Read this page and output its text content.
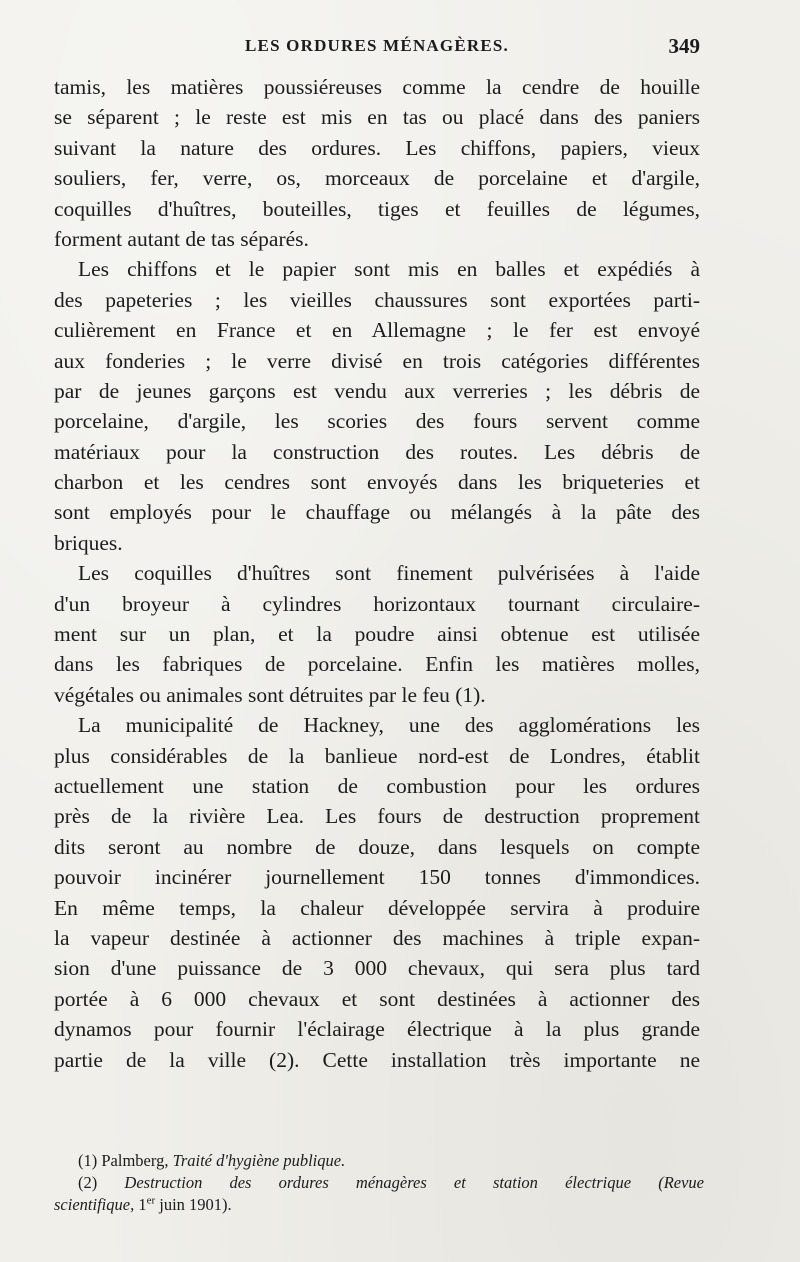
LES ORDURES MÉNAGÈRES.	349
tamis, les matières poussiéreuses comme la cendre de houille
se séparent ; le reste est mis en tas ou placé dans des paniers
suivant la nature des ordures. Les chiffons, papiers, vieux
souliers, fer, verre, os, morceaux de porcelaine et d'argile,
coquilles d'huîtres, bouteilles, tiges et feuilles de légumes,
forment autant de tas séparés.
Les chiffons et le papier sont mis en balles et expédiés à
des papeteries ; les vieilles chaussures sont exportées parti-
culièrement en France et en Allemagne ; le fer est envoyé
aux fonderies ; le verre divisé en trois catégories différentes
par de jeunes garçons est vendu aux verreries ; les débris de
porcelaine, d'argile, les scories des fours servent comme
matériaux pour la construction des routes. Les débris de
charbon et les cendres sont envoyés dans les briqueteries et
sont employés pour le chauffage ou mélangés à la pâte des
briques.
Les coquilles d'huîtres sont finement pulvérisées à l'aide
d'un broyeur à cylindres horizontaux tournant circulaire-
ment sur un plan, et la poudre ainsi obtenue est utilisée
dans les fabriques de porcelaine. Enfin les matières molles,
végétales ou animales sont détruites par le feu (1).
La municipalité de Hackney, une des agglomérations les
plus considérables de la banlieue nord-est de Londres, établit
actuellement une station de combustion pour les ordures
près de la rivière Lea. Les fours de destruction proprement
dits seront au nombre de douze, dans lesquels on compte
pouvoir incinérer journellement 150 tonnes d'immondices.
En même temps, la chaleur développée servira à produire
la vapeur destinée à actionner des machines à triple expan-
sion d'une puissance de 3 000 chevaux, qui sera plus tard
portée à 6 000 chevaux et sont destinées à actionner des
dynamos pour fournir l'éclairage électrique à la plus grande
partie de la ville (2). Cette installation très importante ne
(1) Palmberg, Traité d'hygiène publique.
(2) Destruction des ordures ménagères et station électrique (Revue
scientifique, 1er juin 1901).
